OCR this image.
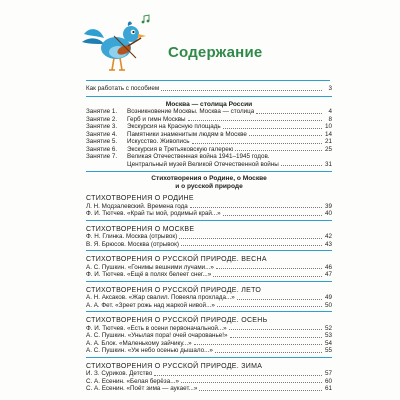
Содержание
Как работать с пособием	3
Москва — столица России
Занятие 1.	Возникновение Москвы. Москва — столица	4
Занятие 2.	Герб и гимн Москвы	8
Занятие 3.	Экскурсия на Красную площадь	10
Занятие 4.	Памятники знаменитым людям в Москве	14
Занятие 5.	Искусство. Живопись	21
Занятие 6.	Экскурсия в Третьяковскую галерею	25
Занятие 7.	Великая Отечественная война 1941–1945 годов.
Центральный музей Великой Отечественной войны	31
Стихотворения о Родине, о Москве
и о русской природе
СТИХОТВОРЕНИЯ О РОДИНЕ
Л. Н. Модзалевский. Времена года	39
Ф. И. Тютчев. «Край ты мой, родимый край...»	40
СТИХОТВОРЕНИЯ О МОСКВЕ
Ф. Н. Глинка. Москва (отрывок)	42
В. Я. Брюсов. Москва (отрывок)	43
СТИХОТВОРЕНИЯ О РУССКОЙ ПРИРОДЕ. ВЕСНА
А. С. Пушкин. «Гонимы вешними лучами...»	46
Ф. И. Тютчев. «Ещё в полях белеет снег...»	47
СТИХОТВОРЕНИЯ О РУССКОЙ ПРИРОДЕ. ЛЕТО
А. Н. Аксаков. «Жар свалил. Повеяла прохлада...»	49
А. А. Фет. «Зреет рожь над жаркой нивой...»	50
СТИХОТВОРЕНИЯ О РУССКОЙ ПРИРОДЕ. ОСЕНЬ
Ф. И. Тютчев. «Есть в осени первоначальной...»	52
А. С. Пушкин. «Унылая пора! очей очарованье!»	53
А. А. Блок. «Маленькому зайчику...»	54
А. С. Пушкин. «Уж небо осенью дышало...»	55
СТИХОТВОРЕНИЯ О РУССКОЙ ПРИРОДЕ. ЗИМА
И. З. Суриков. Детство	57
С. А. Есенин. «Белая берёза...»	60
С. А. Есенин. «Поёт зима — аукает...»	61
